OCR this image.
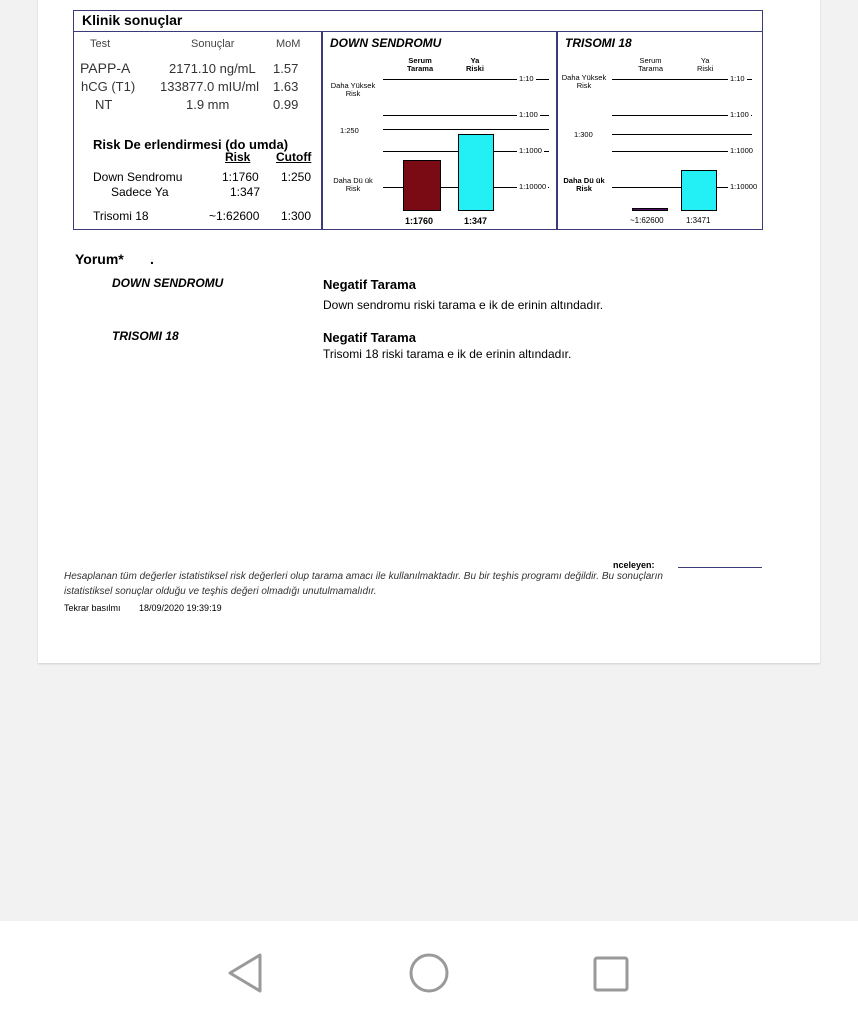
Klinik sonuçlar
Test	Sonuçlar	MoM
PAPP-A	2171.10 ng/mL 1.57
hCG (T1) 133877.0 mIU/ml 1.63
NT	1.9 mm	0.99
Risk De erlendirmesi (do umda)
Risk Cutoff
Down Sendromu	1:1760 1:250
Sadece Ya	1:347
Trisomi 18	~1:62600 1:300
DOWN SENDROMU
Serum
Tarama
Ya
Riski
Daha Yüksek Risk
Daha Dü ük Risk
1:250
1:10
1:100
1:1000
1:10000
1:1760	1:347
TRISOMI 18
Serum
Tarama
Ya
Riski
Daha Yüksek Risk
Daha Dü ük Risk
1:300
1:10
1:100
1:1000
1:10000
~1:62600	1:3471
Yorum* .
DOWN SENDROMU	Negatif Tarama
Down sendromu riski tarama e ik de erinin altındadır.
TRISOMI 18	Negatif Tarama
Trisomi 18 riski tarama e ik de erinin altındadır.
nceleyen:
Hesaplanan tüm değerler istatistiksel risk değerleri olup tarama amacı ile kullanılmaktadır. Bu bir teşhis programı değildir. Bu sonuçların
istatistiksel sonuçlar olduğu ve teşhis değeri olmadığı unutulmamalıdır.
Tekrar basılmı 18/09/2020 19:39:19
